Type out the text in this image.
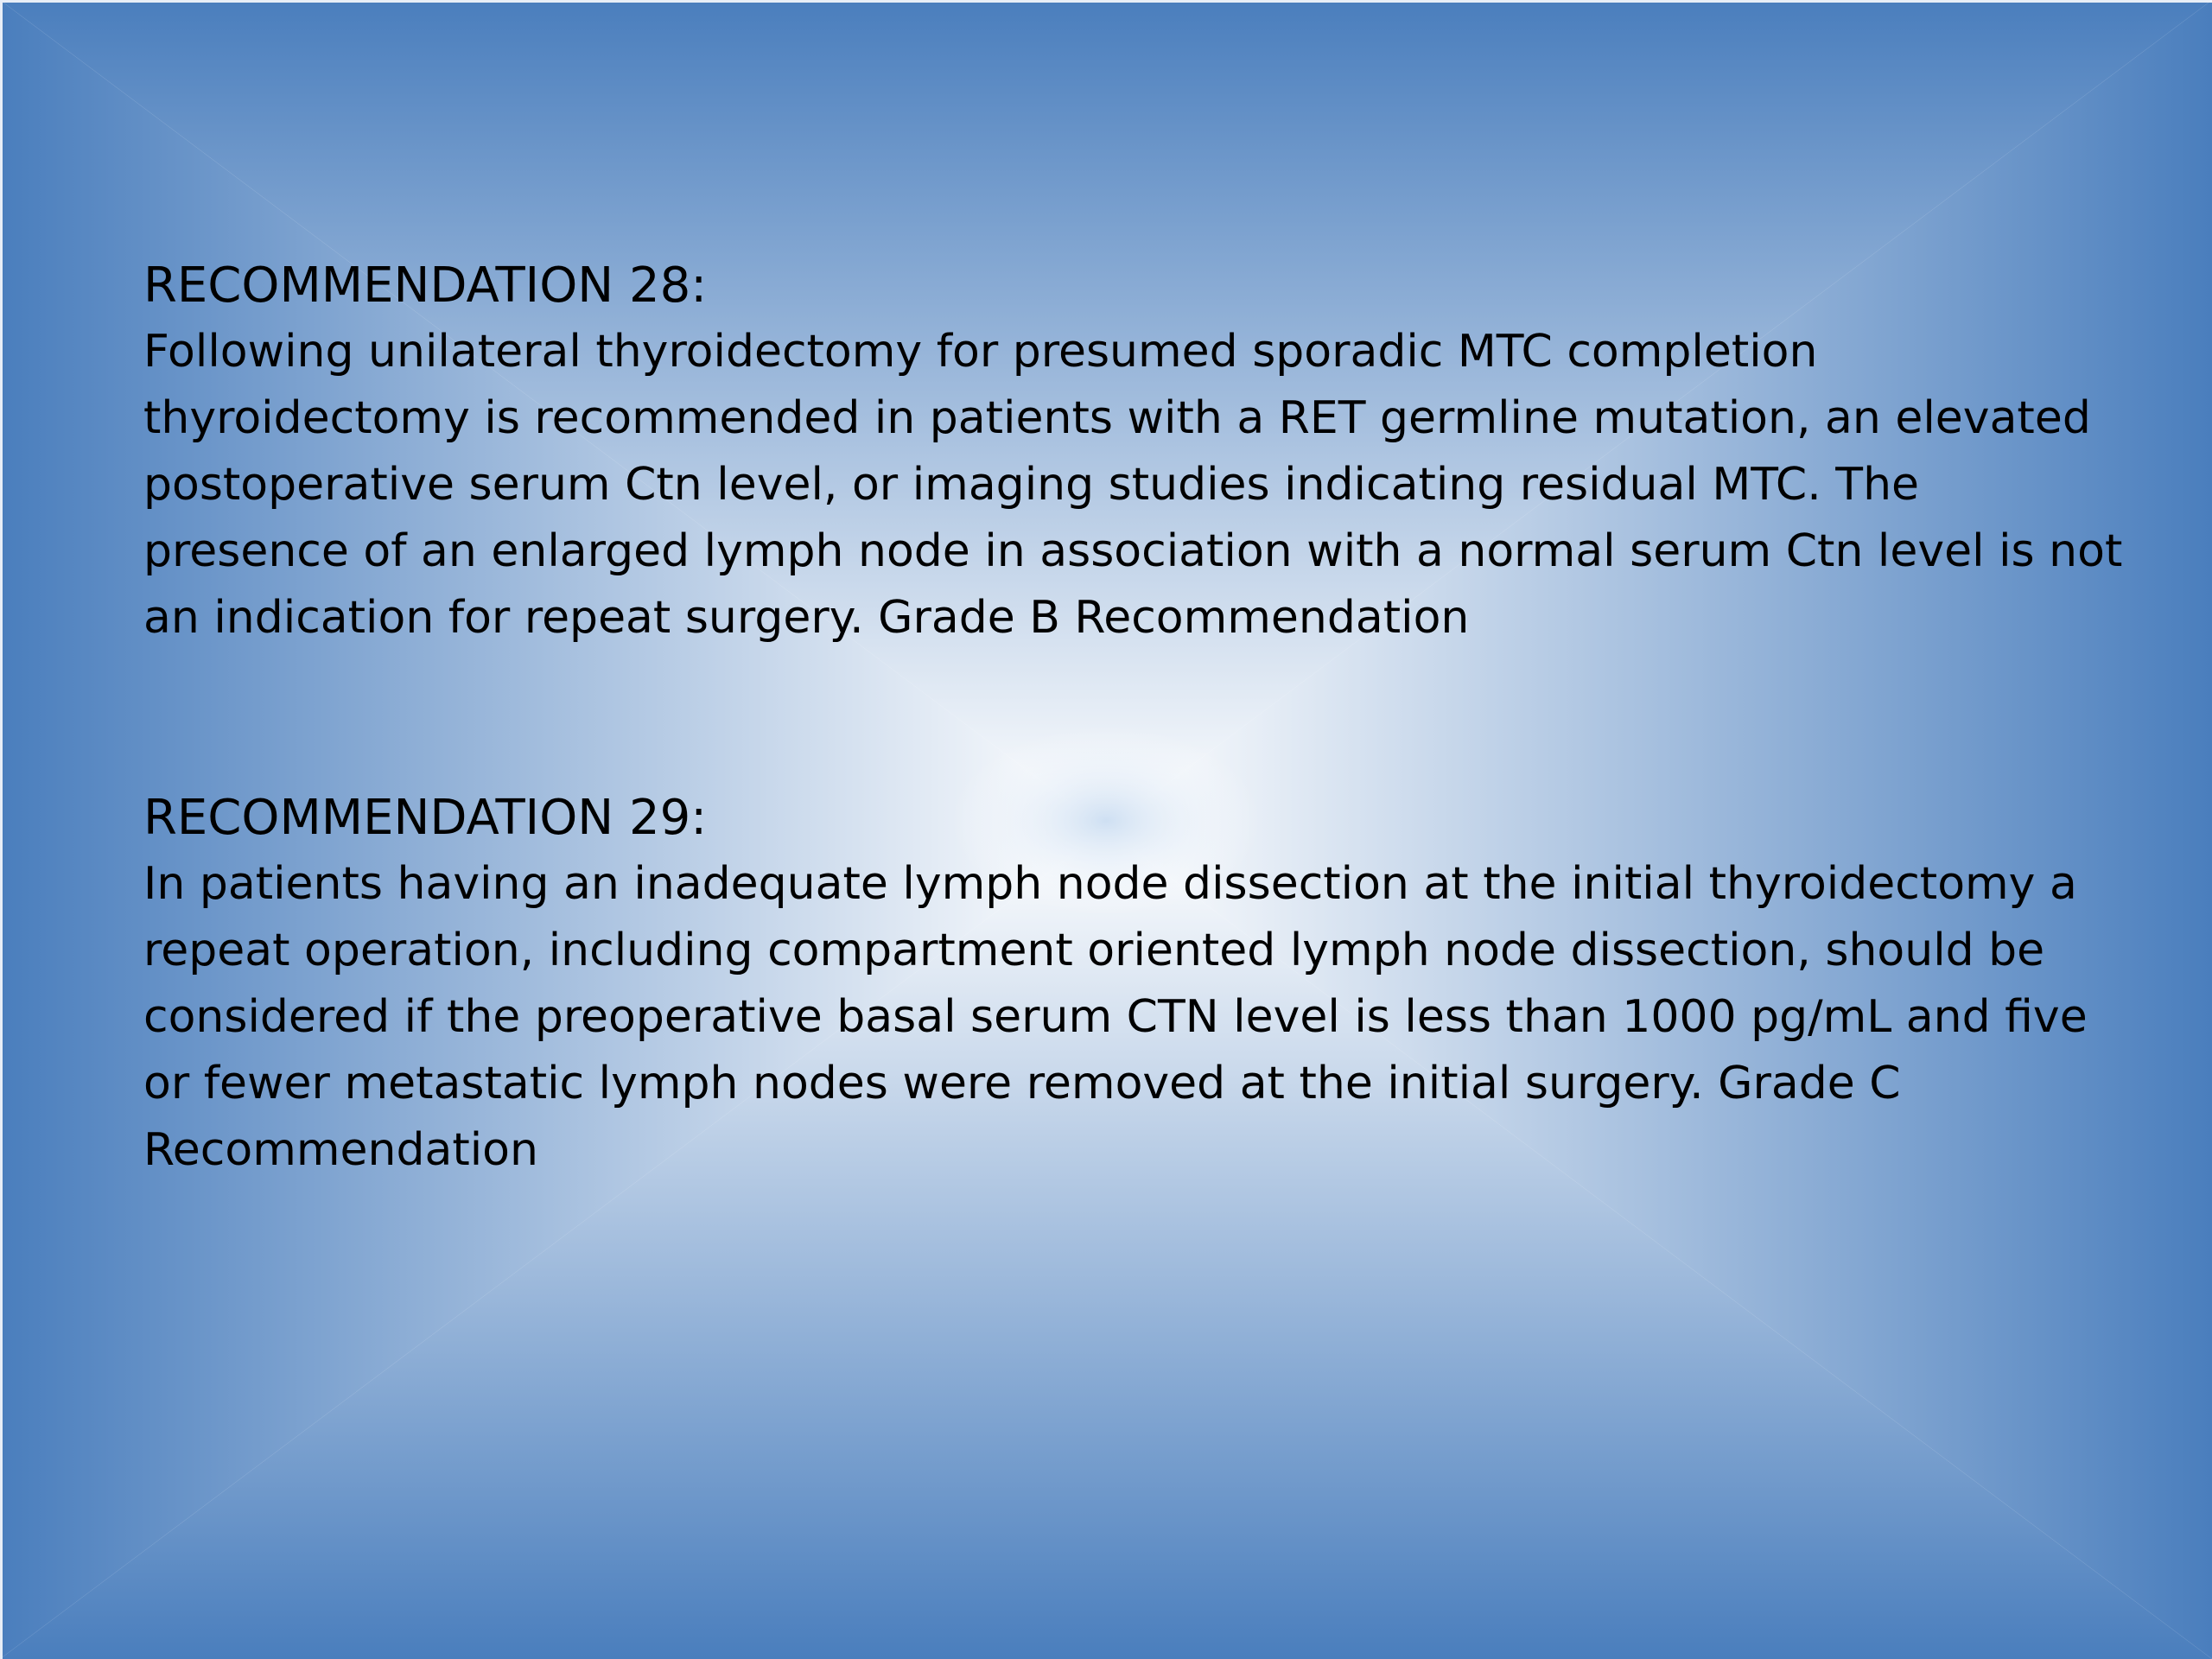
RECOMMENDATION 28:

Following unilateral thyroidectomy for presumed sporadic MTC completion thyroidectomy is recommended in patients with a RET germline mutation, an elevated postoperative serum Ctn level, or imaging studies indicating residual MTC. The presence of an enlarged lymph node in association with a normal serum Ctn level is not an indication for repeat surgery. Grade B Recommendation

RECOMMENDATION 29:

In patients having an inadequate lymph node dissection at the initial thyroidectomy a repeat operation, including compartment oriented lymph node dissection, should be considered if the preoperative basal serum CTN level is less than 1000 pg/mL and five or fewer metastatic lymph nodes were removed at the initial surgery. Grade C Recommendation
